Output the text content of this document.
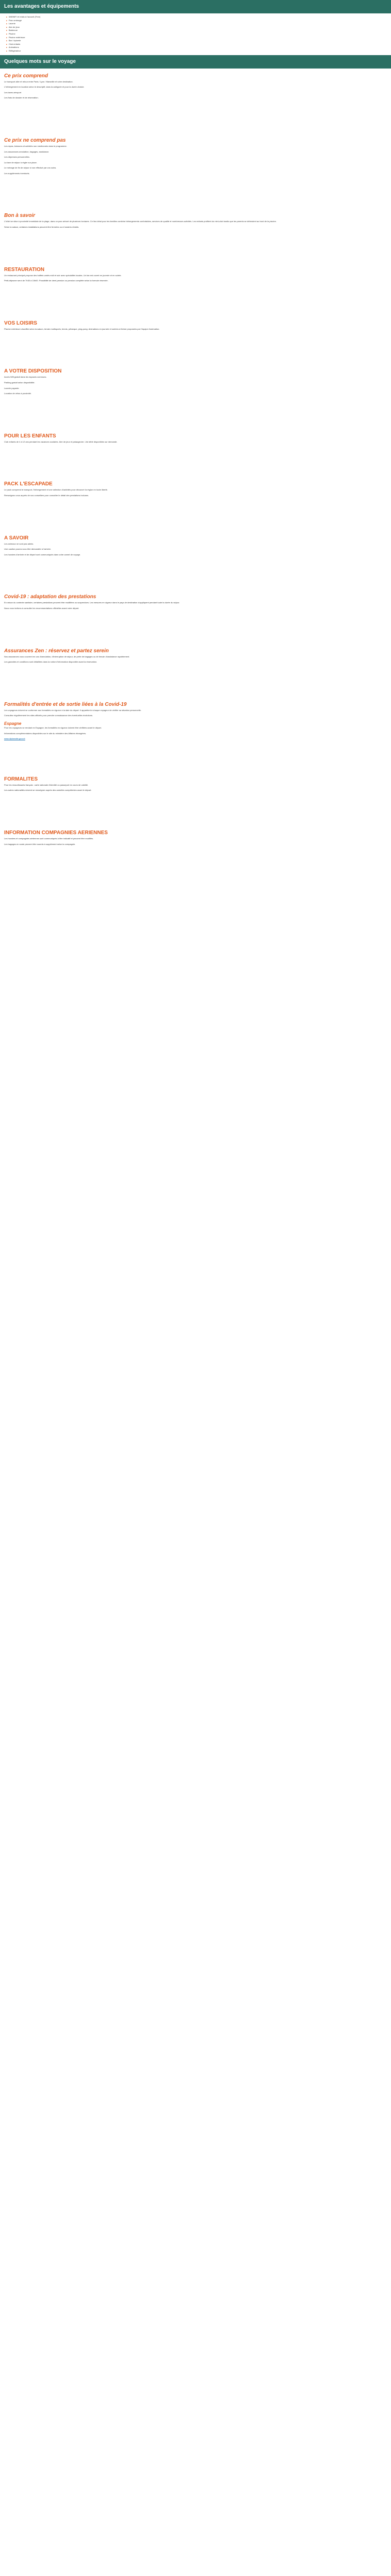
Les avantages et équipements
■ Wifi/WiFi et relais à l'accueil (Free)
■ Parc ombragé
■ Laverie
■ Aire de jeux
■ Barbecue
■ Piscine
■ Piscine extérieure
■ Bar / épicerie
■ Club enfants
■ Animations
■ Réfrigérateur
Quelques mots sur le voyage
Ce prix comprend

Le transport aller et retour entre Paris / Lyon / Marseille et votre destination.

L'hébergement en location selon le descriptif, dans la catégorie et pour la durée choisie.

Les taxes aéroport

Les frais de dossier et de réservation.

Ce prix ne comprend pas

Les repas, boissons et activités non mentionnés dans le programme.

Les assurances annulation, bagages, assistance.

Les dépenses personnelles.

La taxe de séjour à régler sur place.

Le ménage de fin de séjour si non effectué par vos soins.

Les suppléments éventuels.

Bon à savoir

L'hôtel se situe à proximité immédiate de la plage, dans un parc arboré de plusieurs hectares. Ce lieu idéal pour les familles combine hébergements confortables, services de qualité et nombreuses activités. Les enfants profitent du mini-club tandis que les parents se détendent au bord de la piscine.

Selon la saison, certaines installations peuvent être fermées ou à horaires réduits.

RESTAURATION

Un restaurant principal propose des buffets variés midi et soir avec spécialités locales. Un bar est ouvert en journée et en soirée.

Petit-déjeuner servi de 7h30 à 10h00. Possibilité de demi-pension ou pension complète selon la formule réservée.

VOS LOISIRS

Piscine extérieure chauffée selon la saison, terrain multisports, tennis, pétanque, ping-pong. Animations en journée et soirées à thème proposées par l'équipe d'animation.

A VOTRE DISPOSITION

Accès Wifi gratuit dans les espaces communs.

Parking gratuit selon disponibilité.

Laverie payante.

Location de vélos à proximité.

POUR LES ENFANTS

Club enfants de 4 à 12 ans pendant les vacances scolaires. Aire de jeux et pataugeoire. Lits bébé disponibles sur demande.

PACK L'ESCAPADE

Le pack comprend le transport, l'hébergement et une sélection d'activités pour découvrir la région en toute liberté.

Renseignez-vous auprès de nos conseillers pour connaître le détail des prestations incluses.

A SAVOIR

Les animaux ne sont pas admis.

Une caution pourra vous être demandée à l'arrivée.

Les horaires d'arrivée et de départ sont communiqués dans votre carnet de voyage.

Covid-19 : adaptation des prestations

En raison du contexte sanitaire, certaines prestations peuvent être modifiées ou suspendues. Les mesures en vigueur dans le pays de destination s'appliquent pendant toute la durée du séjour.

Nous vous invitons à consulter les recommandations officielles avant votre départ.

Assurances Zen : réservez et partez serein

Nos assurances vous couvrent en cas d'annulation, d'interruption de séjour, de perte de bagages ou de besoin d'assistance rapatriement.

Les garanties et conditions sont détaillées dans la notice d'information disponible avant la réservation.

Formalités d'entrée et de sortie liées à la Covid-19

Les voyageurs doivent se conformer aux formalités en vigueur à la date du départ. Il appartient à chaque voyageur de vérifier sa situation personnelle.

Consultez régulièrement les sites officiels pour prendre connaissance des éventuelles évolutions.

Espagne

Pour les voyageurs se rendant en Espagne, les formalités en vigueur doivent être vérifiées avant le départ.

Informations complémentaires disponibles sur le site du ministère des Affaires étrangères.

www.diplomatie.gouv.fr
FORMALITES

Pour les ressortissants français : carte nationale d'identité ou passeport en cours de validité.

Les autres nationalités doivent se renseigner auprès des autorités compétentes avant le départ.

INFORMATION COMPAGNIES AERIENNES

Les horaires et compagnies aériennes sont communiqués à titre indicatif et peuvent être modifiés.

Les bagages en soute peuvent être soumis à supplément selon la compagnie.
